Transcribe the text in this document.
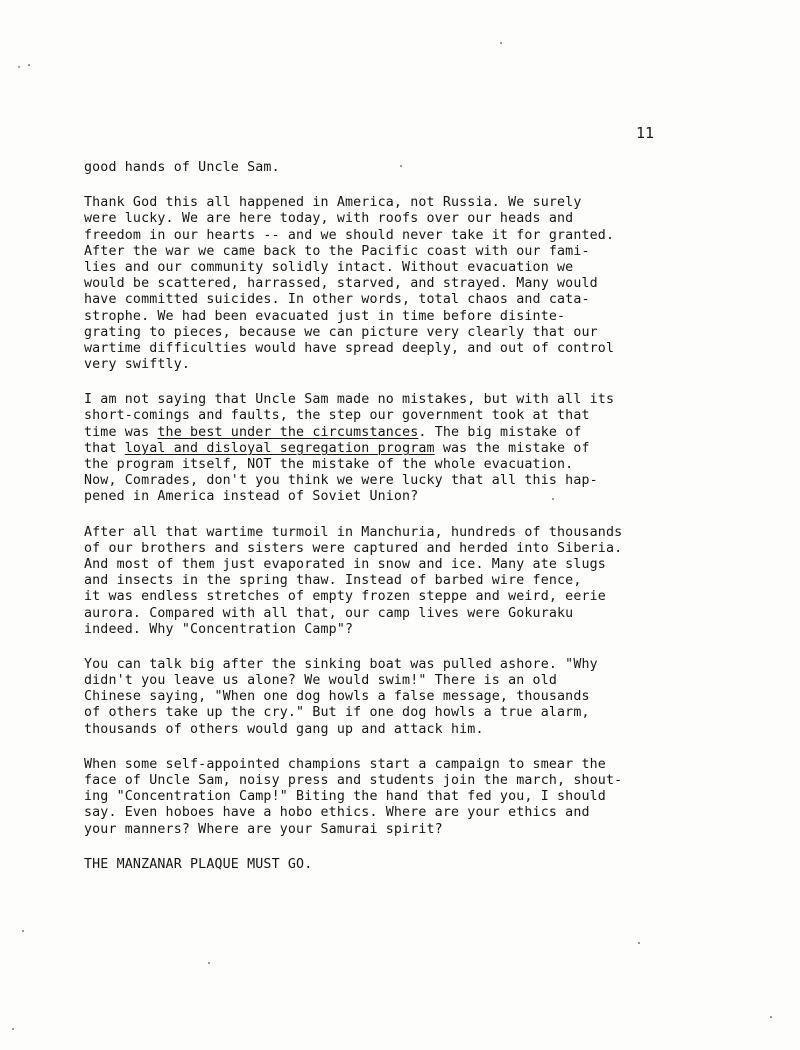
11
good hands of Uncle Sam.
Thank God this all happened in America, not Russia. We surely
were lucky. We are here today, with roofs over our heads and
freedom in our hearts -- and we should never take it for granted.
After the war we came back to the Pacific coast with our fami-
lies and our community solidly intact. Without evacuation we
would be scattered, harrassed, starved, and strayed. Many would
have committed suicides. In other words, total chaos and cata-
strophe. We had been evacuated just in time before disinte-
grating to pieces, because we can picture very clearly that our
wartime difficulties would have spread deeply, and out of control
very swiftly.
I am not saying that Uncle Sam made no mistakes, but with all its
short-comings and faults, the step our government took at that
time was the best under the circumstances. The big mistake of
that loyal and disloyal segregation program was the mistake of
the program itself, NOT the mistake of the whole evacuation.
Now, Comrades, don't you think we were lucky that all this hap-
pened in America instead of Soviet Union?
After all that wartime turmoil in Manchuria, hundreds of thousands
of our brothers and sisters were captured and herded into Siberia.
And most of them just evaporated in snow and ice. Many ate slugs
and insects in the spring thaw. Instead of barbed wire fence,
it was endless stretches of empty frozen steppe and weird, eerie
aurora. Compared with all that, our camp lives were Gokuraku
indeed. Why "Concentration Camp"?
You can talk big after the sinking boat was pulled ashore. "Why
didn't you leave us alone? We would swim!" There is an old
Chinese saying, "When one dog howls a false message, thousands
of others take up the cry." But if one dog howls a true alarm,
thousands of others would gang up and attack him.
When some self-appointed champions start a campaign to smear the
face of Uncle Sam, noisy press and students join the march, shout-
ing "Concentration Camp!" Biting the hand that fed you, I should
say. Even hoboes have a hobo ethics. Where are your ethics and
your manners? Where are your Samurai spirit?
THE MANZANAR PLAQUE MUST GO.
